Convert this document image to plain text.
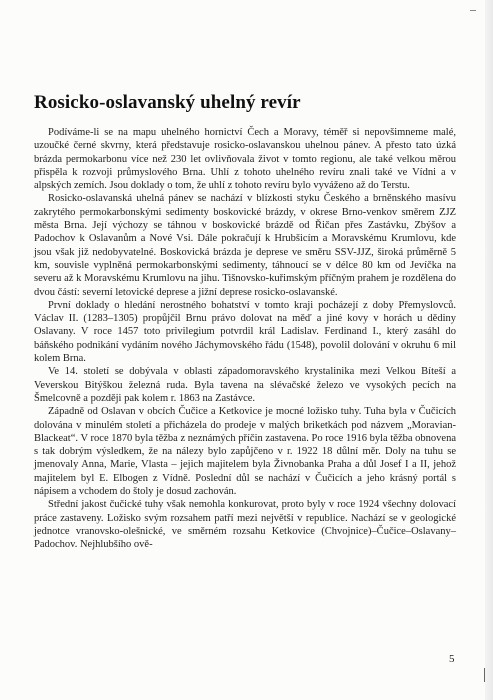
Rosicko-oslavanský uhelný revír

Podíváme-li se na mapu uhelného hornictví Čech a Moravy, téměř si nepovšimneme malé, uzoučké černé skvrny, která představuje rosicko-oslavanskou uhelnou pánev. A přesto tato úzká brázda permokarbonu více než 230 let ovlivňovala život v tomto regionu, ale také velkou měrou přispěla k rozvoji průmyslového Brna. Uhlí z tohoto uhelného revíru znali také ve Vídni a v alpských zemích. Jsou doklady o tom, že uhlí z tohoto revíru bylo vyváženo až do Terstu.

Rosicko-oslavanská uhelná pánev se nachází v blízkosti styku Českého a brněnského masívu zakrytého permokarbonskými sedimenty boskovické brázdy, v okrese Brno-venkov směrem ZJZ města Brna. Její výchozy se táhnou v boskovické brázdě od Řičan přes Zastávku, Zbýšov a Padochov k Oslavanům a Nové Vsi. Dále pokračují k Hrubšicím a Moravskému Krumlovu, kde jsou však již nedobyvatelné. Boskovická brázda je deprese ve směru SSV-JJZ, široká průměrně 5 km, souvisle vyplněná permokarbonskými sedimenty, táhnoucí se v délce 80 km od Jevíčka na severu až k Moravskému Krumlovu na jihu. Tišnovsko-kuřimským příčným prahem je rozdělena do dvou částí: severní letovické deprese a jižní deprese rosicko-oslavanské.

První doklady o hledání nerostného bohatství v tomto kraji pocházejí z doby Přemyslovců. Václav II. (1283–1305) propůjčil Brnu právo dolovat na měď a jiné kovy v horách u dědiny Oslavany. V roce 1457 toto privilegium potvrdil král Ladislav. Ferdinand I., který zasáhl do báňského podnikání vydáním nového Jáchymovského řádu (1548), povolil dolování v okruhu 6 mil kolem Brna.

Ve 14. století se dobývala v oblasti západomoravského krystalinika mezi Velkou Bíteší a Veverskou Bitýškou železná ruda. Byla tavena na slévačské železo ve vysokých pecích na Šmelcovně a později pak kolem r. 1863 na Zastávce.

Západně od Oslavan v obcích Čučice a Ketkovice je mocné ložisko tuhy. Tuha byla v Čučicích dolována v minulém století a přicházela do prodeje v malých briketkách pod názvem „Moravian-Blackeat“. V roce 1870 byla těžba z neznámých příčin zastavena. Po roce 1916 byla těžba obnovena s tak dobrým výsledkem, že na nálezy bylo zapůjčeno v r. 1922 18 důlní měr. Doly na tuhu se jmenovaly Anna, Marie, Vlasta – jejich majitelem byla Živnobanka Praha a důl Josef I a II, jehož majitelem byl E. Elbogen z Vídně. Poslední důl se nachází v Čučicích a jeho krásný portál s nápisem a vchodem do štoly je dosud zachován.

Střední jakost čučické tuhy však nemohla konkurovat, proto byly v roce 1924 všechny dolovací práce zastaveny. Ložisko svým rozsahem patří mezi největší v republice. Nachází se v geologické jednotce vranovsko-olešnické, ve směrném rozsahu Ketkovice (Chvojnice)–Čučice–Oslavany–Padochov. Nejhlubšího ově-

5
